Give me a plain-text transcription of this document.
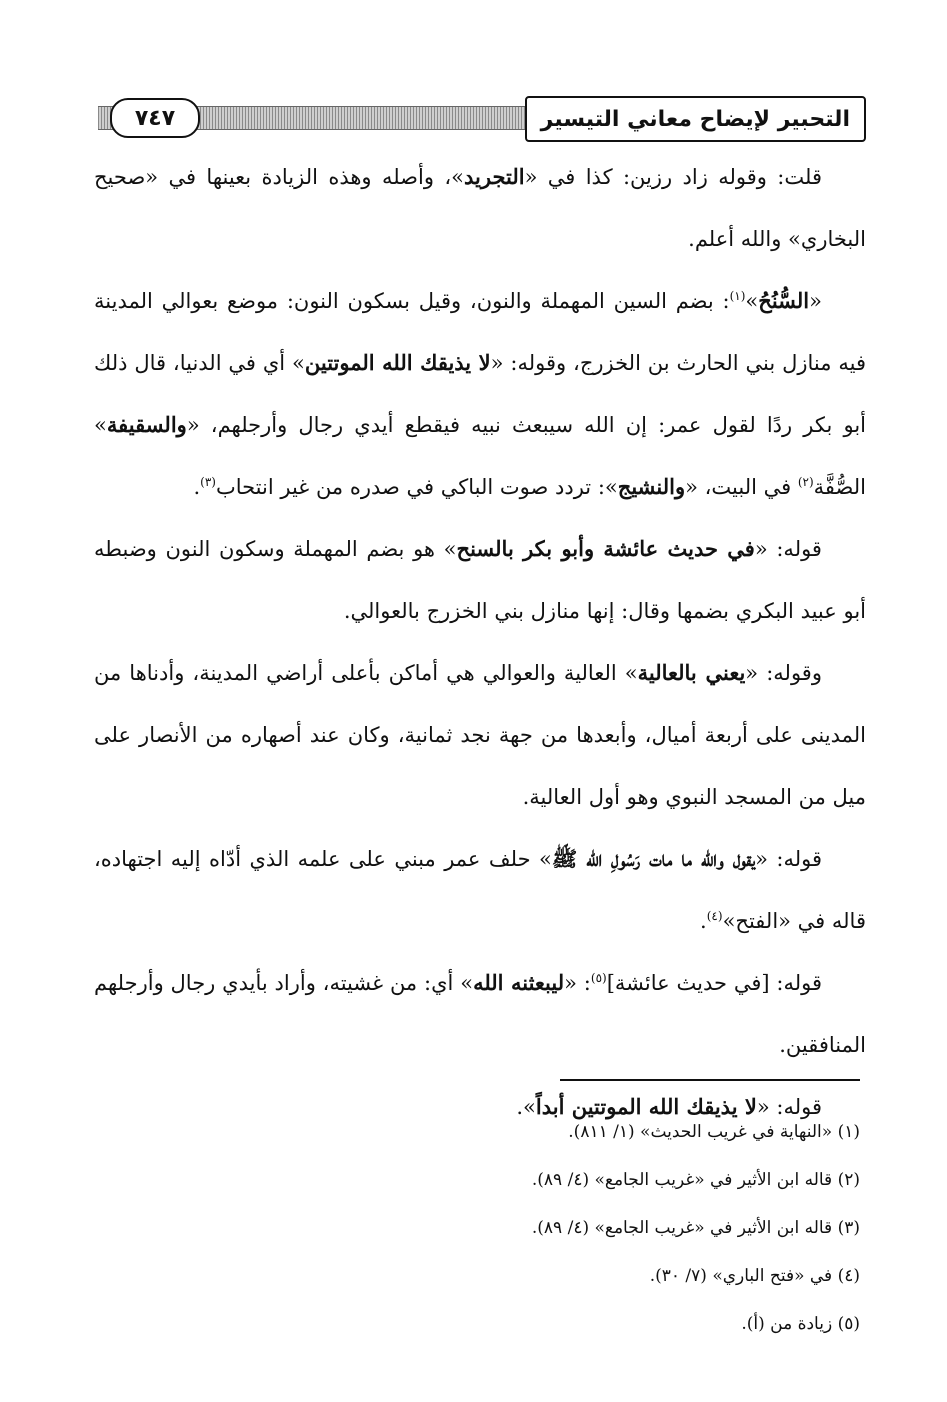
٧٤٧	التحبير لإيضاح معاني التيسير

قلت: وقوله زاد رزين: كذا في «التجريد»، وأصله وهذه الزيادة بعينها في «صحيح البخاري» والله أعلم.

«السُّنُحُ»$^{(١)}$: بضم السين المهملة والنون، وقيل بسكون النون: موضع بعوالي المدينة فيه منازل بني الحارث بن الخزرج، وقوله: «لا يذيقك الله الموتتين» أي في الدنيا، قال ذلك أبو بكر ردًا لقول عمر: إن الله سيبعث نبيه فيقطع أيدي رجال وأرجلهم، «والسقيفة» الصُّفَّة$^{(٢)}$ في البيت، «والنشيج»: تردد صوت الباكي في صدره من غير انتحاب$^{(٣)}$.

قوله: «في حديث عائشة وأبو بكر بالسنح» هو بضم المهملة وسكون النون وضبطه أبو عبيد البكري بضمها وقال: إنها منازل بني الخزرج بالعوالي.

وقوله: «يعني بالعالية» العالية والعوالي هي أماكن بأعلى أراضي المدينة، وأدناها من المدينى على أربعة أميال، وأبعدها من جهة نجد ثمانية، وكان عند أصهاره من الأنصار على ميل من المسجد النبوي وهو أول العالية.

قوله: «يقول والله ما مات رَسُولِ الله ﷺ» حلف عمر مبني على علمه الذي أدّاه إليه اجتهاده، قاله في «الفتح»$^{(٤)}$.

قوله: [في حديث عائشة]$^{(٥)}$: «ليبعثنه الله» أي: من غشيته، وأراد بأيدي رجال وأرجلهم المنافقين.

قوله: «لا يذيقك الله الموتتين أبداً».

(١) «النهاية في غريب الحديث» (١/ ٨١١).

(٢) قاله ابن الأثير في «غريب الجامع» (٤/ ٨٩).

(٣) قاله ابن الأثير في «غريب الجامع» (٤/ ٨٩).

(٤) في «فتح الباري» (٧/ ٣٠).

(٥) زيادة من (أ).
